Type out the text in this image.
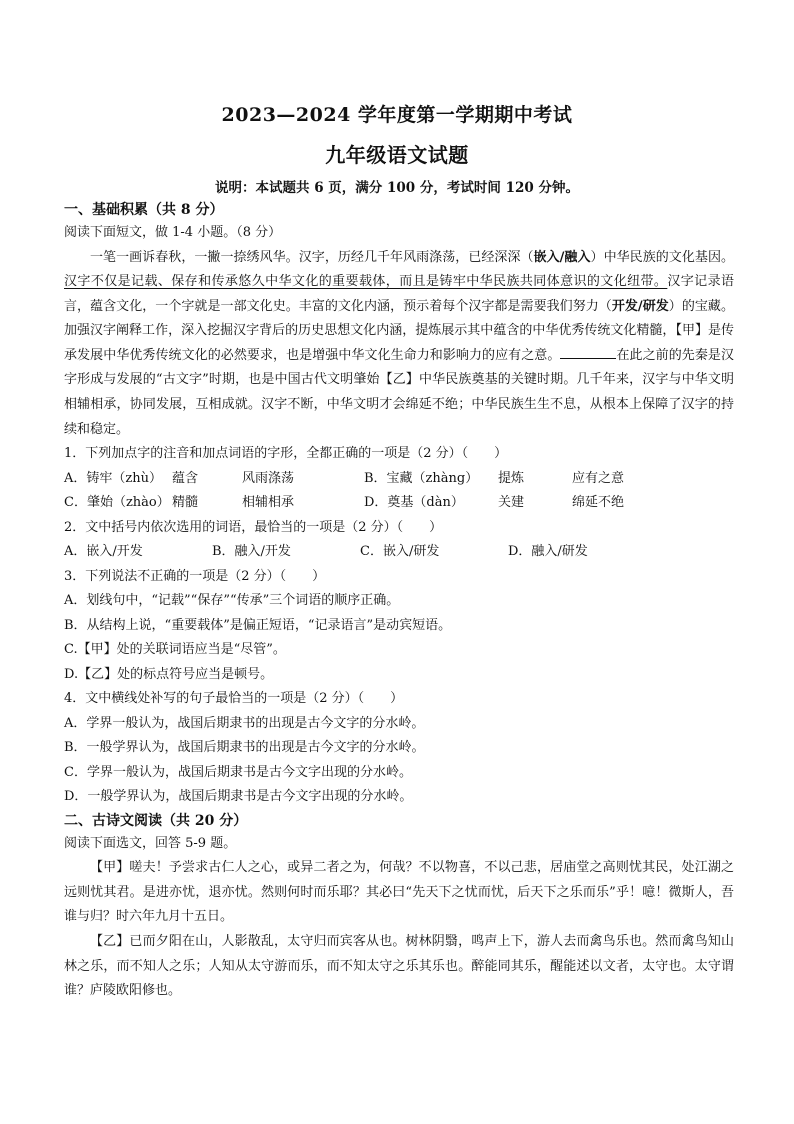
2023—2024 学年度第一学期期中考试
九年级语文试题
说明：本试题共 6 页，满分 100 分，考试时间 120 分钟。
一、基础积累（共 8 分）
阅读下面短文，做 1-4 小题。（8 分）

一笔一画诉春秋，一撇一捺绣风华。汉字，历经几千年风雨涤荡，已经深深（嵌入/融入）中华民族的文化基因。汉字不仅是记载、保存和传承悠久中华文化的重要载体，而且是铸牢中华民族共同体意识的文化纽带。汉字记录语言，蕴含文化，一个字就是一部文化史。丰富的文化内涵，预示着每个汉字都是需要我们努力（开发/研发）的宝藏。加强汉字阐释工作，深入挖掘汉字背后的历史思想文化内涵，提炼展示其中蕴含的中华优秀传统文化精髓，【甲】是传承发展中华优秀传统文化的必然要求，也是增强中华文化生命力和影响力的应有之意。	在此之前的先秦是汉字形成与发展的“古文字”时期，也是中国古代文明肇始【乙】中华民族奠基的关键时期。几千年来，汉字与中华文明相辅相承，协同发展，互相成就。汉字不断，中华文明才会绵延不绝；中华民族生生不息，从根本上保障了汉字的持续和稳定。

1．下列加点字的注音和加点词语的字形，全都正确的一项是（2 分）（　　）
A．铸牢（zhù） 蕴含	风雨涤荡	B．宝藏（zhàng）	提炼	应有之意
C．肇始（zhào） 精髓	相辅相承	D．奠基（dàn）	关建	绵延不绝
2．文中括号内依次选用的词语，最恰当的一项是（2 分）（　　）
A．嵌入/开发	B．融入/开发	C．嵌入/研发	D．融入/研发
3．下列说法不正确的一项是（2 分）（　　）
A．划线句中，“记载”“保存”“传承”三个词语的顺序正确。
B．从结构上说，“重要载体”是偏正短语，“记录语言”是动宾短语。
C.【甲】处的关联词语应当是“尽管”。
D.【乙】处的标点符号应当是顿号。
4．文中横线处补写的句子最恰当的一项是（2 分）（　　）
A．学界一般认为，战国后期隶书的出现是古今文字的分水岭。
B．一般学界认为，战国后期隶书的出现是古今文字的分水岭。
C．学界一般认为，战国后期隶书是古今文字出现的分水岭。
D．一般学界认为，战国后期隶书是古今文字出现的分水岭。
二、古诗文阅读（共 20 分）
阅读下面选文，回答 5-9 题。

【甲】嗟夫！予尝求古仁人之心，或异二者之为，何哉？不以物喜，不以己悲，居庙堂之高则忧其民，处江湖之远则忧其君。是进亦忧，退亦忧。然则何时而乐耶？其必曰“先天下之忧而忧，后天下之乐而乐”乎！噫！微斯人，吾谁与归？时六年九月十五日。

【乙】已而夕阳在山，人影散乱，太守归而宾客从也。树林阴翳，鸣声上下，游人去而禽鸟乐也。然而禽鸟知山林之乐，而不知人之乐；人知从太守游而乐，而不知太守之乐其乐也。醉能同其乐，醒能述以文者，太守也。太守谓谁？庐陵欧阳修也。
